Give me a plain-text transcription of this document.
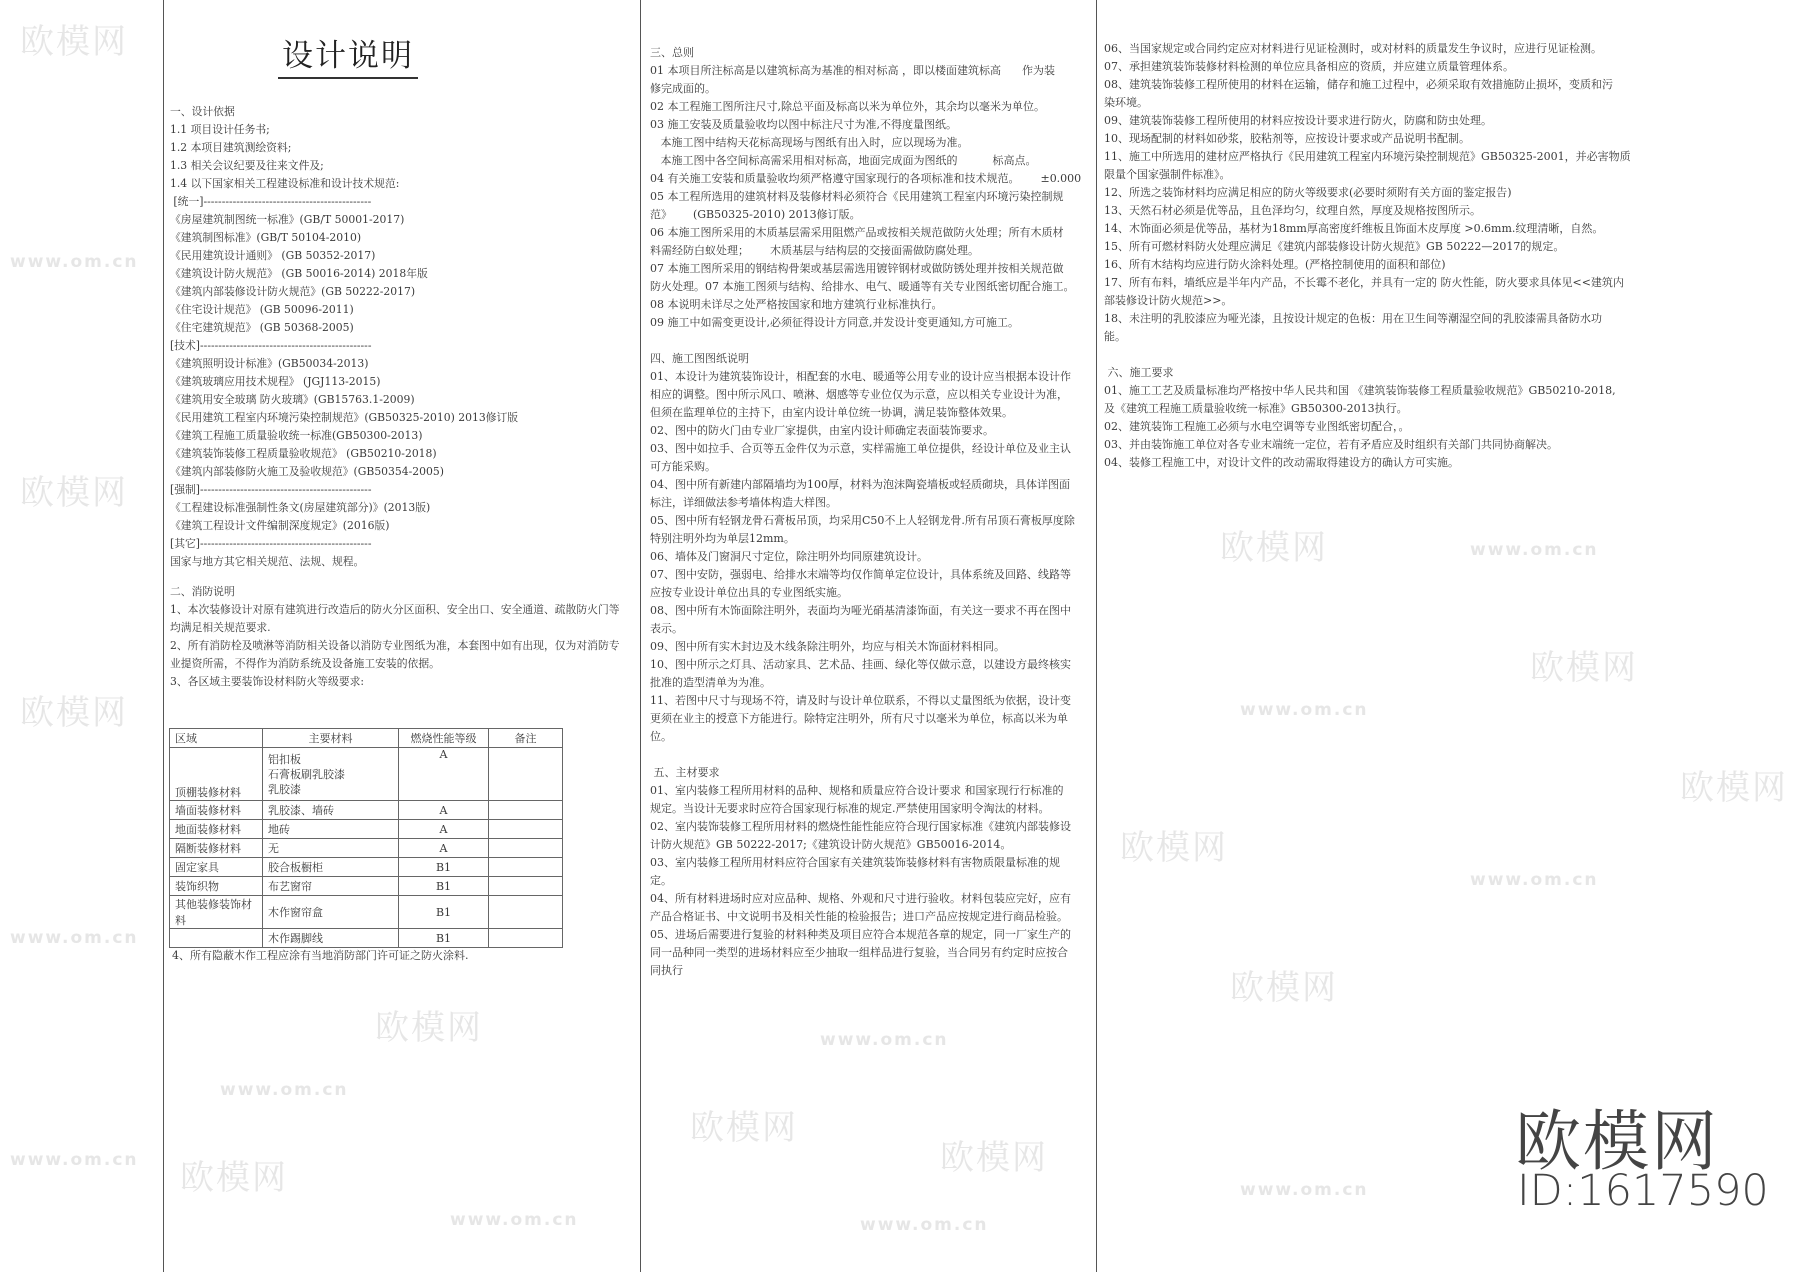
欧模网
www.om.cn
欧模网
欧模网
www.om.cn
www.om.cn
欧模网
www.om.cn
欧模网
www.om.cn
www.om.cn
欧模网
欧模网
www.om.cn
欧模网	www.om.cn
欧模网
www.om.cn
欧模网
欧模网
www.om.cn
欧模网
www.om.cn
设计说明
一、设计依据
1.1 项目设计任务书;
1.2 本项目建筑测绘资料;
1.3 相关会议纪要及往来文件及;
1.4 以下国家相关工程建设标准和设计技术规范:
[统一]----------------------------------------------
《房屋建筑制图统一标准》(GB/T 50001-2017)
《建筑制图标准》(GB/T 50104-2010)
《民用建筑设计通则》 (GB 50352-2017)
《建筑设计防火规范》 (GB 50016-2014) 2018年版
《建筑内部装修设计防火规范》(GB 50222-2017)
《住宅设计规范》 (GB 50096-2011)
《住宅建筑规范》 (GB 50368-2005)
[技术]-----------------------------------------------
《建筑照明设计标准》(GB50034-2013)
《建筑玻璃应用技术规程》 (JGJ113-2015)
《建筑用安全玻璃 防火玻璃》(GB15763.1-2009)
《民用建筑工程室内环境污染控制规范》(GB50325-2010) 2013修订版
《建筑工程施工质量验收统一标准(GB50300-2013)
《建筑装饰装修工程质量验收规范》 (GB50210-2018)
《建筑内部装修防火施工及验收规范》(GB50354-2005)
[强制]-----------------------------------------------
《工程建设标准强制性条文(房屋建筑部分)》(2013版)
《建筑工程设计文件编制深度规定》(2016版)
[其它]-----------------------------------------------
国家与地方其它相关规范、法规、规程。
二、消防说明
1、本次装修设计对原有建筑进行改造后的防火分区面积、安全出口、安全通道、疏散防火门等
均满足相关规范要求.
2、所有消防栓及喷淋等消防相关设备以消防专业图纸为准，本套图中如有出现，仅为对消防专
业提资所需，不得作为消防系统及设备施工安装的依据。
3、各区域主要装饰设材料防火等级要求:
区域	主要材料	燃烧性能等级	备注
顶棚装修材料	铝扣板
石膏板刷乳胶漆
乳胶漆	A	
墙面装修材料	乳胶漆、墙砖	A	
地面装修材料	地砖	A	
隔断装修材料	无	A	
固定家具	胶合板橱柜	B1	
装饰织物	布艺窗帘	B1	
其他装修装饰材料	木作窗帘盒	B1	
	木作踢脚线	B1	
4、所有隐蔽木作工程应涂有当地消防部门许可证之防火涂料.
三、总则
01 本项目所注标高是以建筑标高为基准的相对标高 ，即以楼面建筑标高      作为装
修完成面的。
02 本工程施工图所注尺寸,除总平面及标高以米为单位外，其余均以毫米为单位。
03 施工安装及质量验收均以图中标注尺寸为准,不得度量图纸。
本施工图中结构天花标高现场与图纸有出入时，应以现场为准。
本施工图中各空间标高需采用相对标高，地面完成面为图纸的          标高点。
04 有关施工安装和质量验收均须严格遵守国家现行的各项标准和技术规范。      ±0.000
05 本工程所选用的建筑材料及装修材料必须符合《民用建筑工程室内环境污染控制规
范》      (GB50325-2010) 2013修订版。
06 本施工图所采用的木质基层需采用阻燃产品或按相关规范做防火处理；所有木质材
料需经防白蚁处理；      木质基层与结构层的交接面需做防腐处理。
07 本施工图所采用的钢结构骨架或基层需选用镀锌钢材或做防锈处理并按相关规范做
防火处理。07 本施工图须与结构、给排水、电气、暖通等有关专业图纸密切配合施工。
08 本说明未详尽之处严格按国家和地方建筑行业标准执行。
09 施工中如需变更设计,必须征得设计方同意,并发设计变更通知,方可施工。
四、施工图图纸说明
01、本设计为建筑装饰设计，相配套的水电、暖通等公用专业的设计应当根据本设计作
相应的调整。图中所示风口、喷淋、烟感等专业位仅为示意，应以相关专业设计为准，
但须在监理单位的主持下，由室内设计单位统一协调，满足装饰整体效果。
02、图中的防火门由专业厂家提供，由室内设计师确定表面装饰要求。
03、图中如拉手、合页等五金件仅为示意，实样需施工单位提供，经设计单位及业主认
可方能采购。
04、图中所有新建内部隔墙均为100厚，材料为泡沫陶瓷墙板或轻质砌块，具体详图面
标注，详细做法参考墙体构造大样图。
05、图中所有轻钢龙骨石膏板吊顶，均采用C50不上人轻钢龙骨.所有吊顶石膏板厚度除
特别注明外均为单层12mm。
06、墙体及门窗洞尺寸定位，除注明外均同原建筑设计。
07、图中安防，强弱电、给排水末端等均仅作简单定位设计，具体系统及回路、线路等
应按专业设计单位出具的专业图纸实施。
08、图中所有木饰面除注明外，表面均为哑光硝基清漆饰面，有关这一要求不再在图中
表示。
09、图中所有实木封边及木线条除注明外，均应与相关木饰面材料相同。
10、图中所示之灯具、活动家具、艺术品、挂画、绿化等仅做示意，以建设方最终核实
批准的造型清单为为准。
11、若图中尺寸与现场不符，请及时与设计单位联系，不得以丈量图纸为依据，设计变
更须在业主的授意下方能进行。除特定注明外，所有尺寸以毫米为单位，标高以米为单
位。
五、主材要求
01、室内装修工程所用材料的品种、规格和质量应符合设计要求 和国家现行行标准的
规定。当设计无要求时应符合国家现行标准的规定.严禁使用国家明令淘汰的材料。
02、室内装饰装修工程所用材料的燃烧性能性能应符合现行国家标准《建筑内部装修设
计防火规范》GB 50222-2017;《建筑设计防火规范》GB50016-2014。
03、室内装修工程所用材料应符合国家有关建筑装饰装修材料有害物质限量标准的规
定。
04、所有材料进场时应对应品种、规格、外观和尺寸进行验收。材料包装应完好，应有
产品合格证书、中文说明书及相关性能的检验报告；进口产品应按规定进行商品检验。
05、进场后需要进行复验的材料种类及项目应符合本规范各章的规定，同一厂家生产的
同一品种同一类型的进场材料应至少抽取一组样品进行复验，当合同另有约定时应按合
同执行
06、当国家规定或合同约定应对材料进行见证检测时，或对材料的质量发生争议时，应进行见证检测。
07、承担建筑装饰装修材料检测的单位应具备相应的资质，并应建立质量管理体系。
08、建筑装饰装修工程所使用的材料在运输，储存和施工过程中，必须采取有效措施防止损坏，变质和污
染环境。
09、建筑装饰装修工程所使用的材料应按设计要求进行防火，防腐和防虫处理。
10、现场配制的材料如砂浆，胶粘剂等，应按设计要求或产品说明书配制。
11、施工中所选用的建材应严格执行《民用建筑工程室内环境污染控制规范》GB50325-2001，并必害物质
限量个国家强制件标准》。
12、所选之装饰材料均应满足相应的防火等级要求(必要时须附有关方面的鉴定报告)
13、天然石材必须是优等品，且色泽均匀，纹理自然，厚度及规格按图所示。
14、木饰面必须是优等品，基材为18mm厚高密度纤维板且饰面木皮厚度 >0.6mm.纹理清晰，自然。
15、所有可燃材料防火处理应满足《建筑内部装修设计防火规范》GB 50222—2017的规定。
16、所有木结构均应进行防火涂料处理。(严格控制使用的面积和部位)
17、所有布料，墙纸应是半年内产品，不长霉不老化，并具有一定的 防火性能，防火要求具体见<<建筑内
部装修设计防火规范>>。
18、未注明的乳胶漆应为哑光漆，且按设计规定的色板：用在卫生间等潮湿空间的乳胶漆需具备防水功
能。
六、施工要求
01、施工工艺及质量标准均严格按中华人民共和国 《建筑装饰装修工程质量验收规范》GB50210-2018,
及《建筑工程施工质量验收统一标准》GB50300-2013执行。
02、建筑装饰工程施工必须与水电空调等专业图纸密切配合，。
03、并由装饰施工单位对各专业末端统一定位，若有矛盾应及时组织有关部门共同协商解决。
04、装修工程施工中，对设计文件的改动需取得建设方的确认方可实施。
欧模网
ID:1617590
